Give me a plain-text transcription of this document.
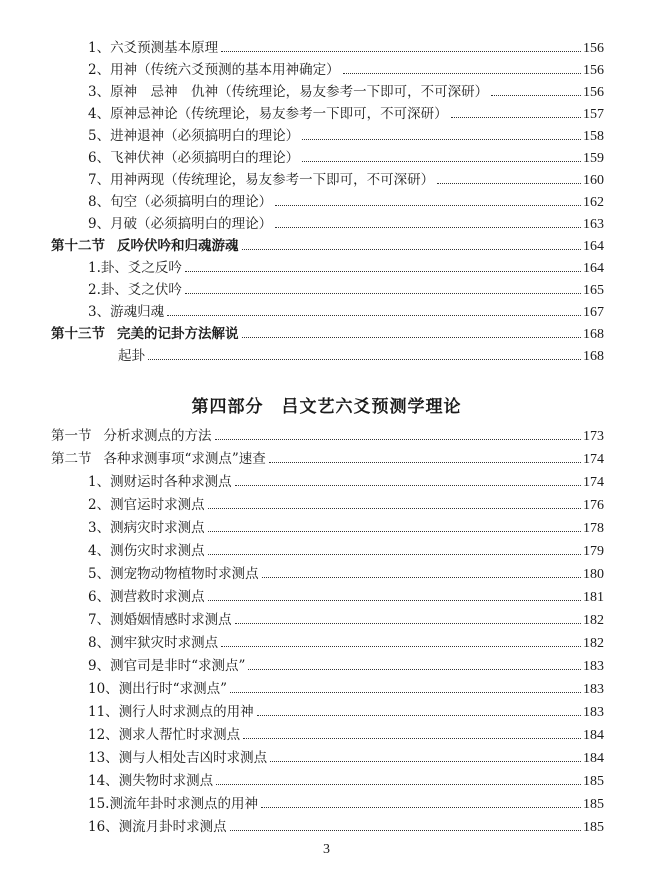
1、六爻预测基本原理	156
2、用神（传统六爻预测的基本用神确定）	156
3、原神　忌神　仇神（传统理论，易友参考一下即可，不可深研）	156
4、原神忌神论（传统理论，易友参考一下即可，不可深研）	157
5、进神退神（必须搞明白的理论）	158
6、飞神伏神（必须搞明白的理论）	159
7、用神两现（传统理论，易友参考一下即可，不可深研）	160
8、旬空（必须搞明白的理论）	162
9、月破（必须搞明白的理论）	163
第十二节 反吟伏吟和归魂游魂	164
1.卦、爻之反吟	164
2.卦、爻之伏吟	165
3、游魂归魂	167
第十三节 完美的记卦方法解说	168
起卦	168
第四部分 吕文艺六爻预测学理论
第一节 分析求测点的方法	173
第二节 各种求测事项“求测点”速查	174
1、测财运时各种求测点	174
2、测官运时求测点	176
3、测病灾时求测点	178
4、测伤灾时求测点	179
5、测宠物动物植物时求测点	180
6、测营救时求测点	181
7、测婚姻情感时求测点	182
8、测牢狱灾时求测点	182
9、测官司是非时“求测点”	183
10、测出行时“求测点”	183
11、测行人时求测点的用神	183
12、测求人帮忙时求测点	184
13、测与人相处吉凶时求测点	184
14、测失物时求测点	185
15.测流年卦时求测点的用神	185
16、测流月卦时求测点	185
3
